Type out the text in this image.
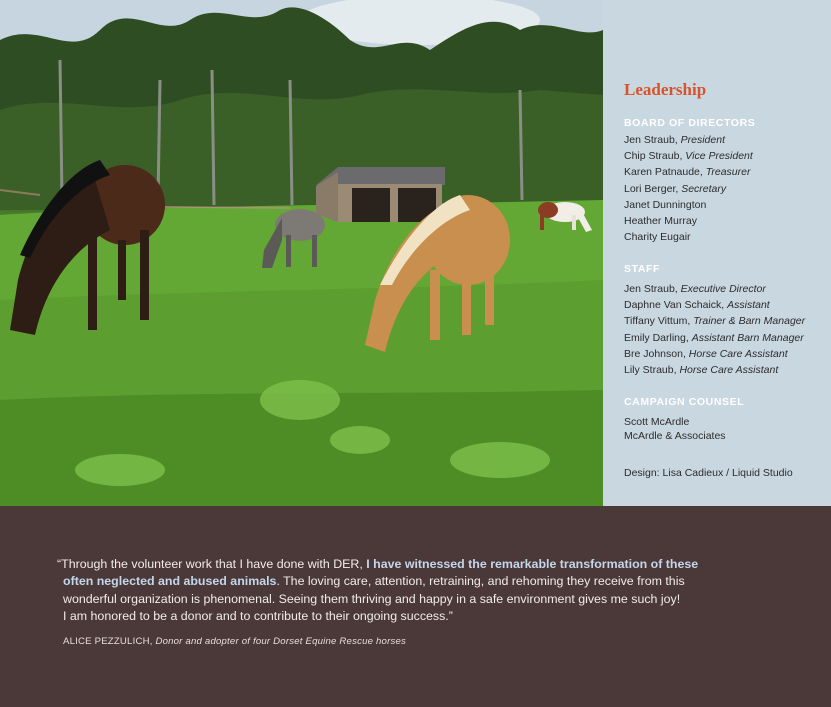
Leadership
BOARD OF DIRECTORS
Jen Straub, President
Chip Straub, Vice President
Karen Patnaude, Treasurer
Lori Berger, Secretary
Janet Dunnington
Heather Murray
Charity Eugair
STAFF
Jen Straub, Executive Director
Daphne Van Schaick, Assistant
Tiffany Vittum, Trainer & Barn Manager
Emily Darling, Assistant Barn Manager
Bre Johnson, Horse Care Assistant
Lily Straub, Horse Care Assistant
CAMPAIGN COUNSEL
Scott McArdle
McArdle & Associates
Design: Lisa Cadieux / Liquid Studio
“Through the volunteer work that I have done with DER, I have witnessed the remarkable transformation of these
often neglected and abused animals. The loving care, attention, retraining, and rehoming they receive from this
wonderful organization is phenomenal. Seeing them thriving and happy in a safe environment gives me such joy!
I am honored to be a donor and to contribute to their ongoing success.”
ALICE PEZZULICH, Donor and adopter of four Dorset Equine Rescue horses
